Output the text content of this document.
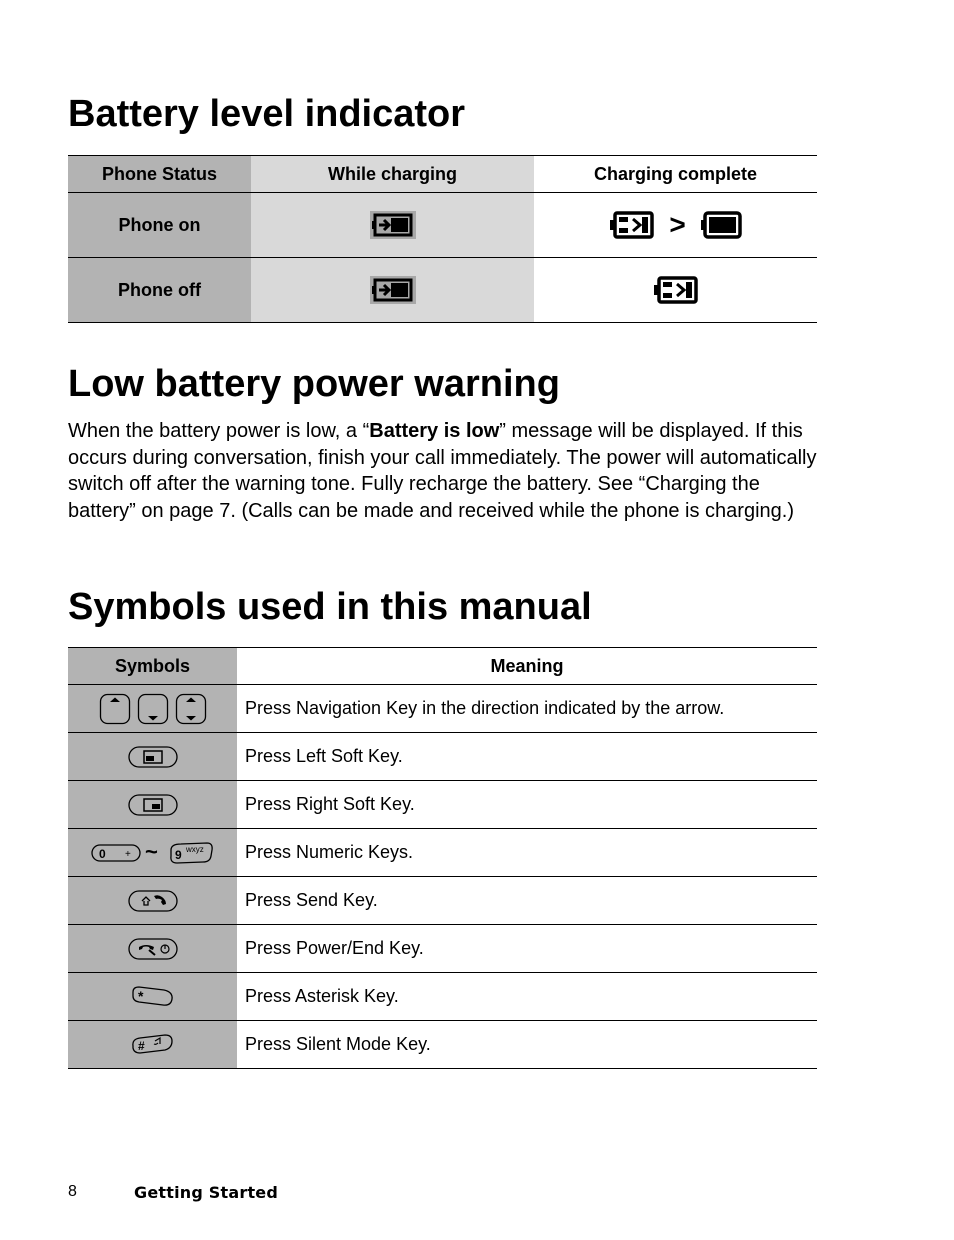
Battery level indicator
Phone Status	While charging	Charging complete
Phone on		>
Phone off		
Low battery power warning

When the battery power is low, a “Battery is low” message will be displayed. If this occurs during conversation, finish your call immediately. The power will automatically switch off after the warning tone. Fully recharge the battery. See “Charging the battery” on page 7. (Calls can be made and received while the phone is charging.)

Symbols used in this manual
Symbols	Meaning
	Press Navigation Key in the direction indicated by the arrow.
	Press Left Soft Key.
	Press Right Soft Key.

0 + ~ 9 wxyz	Press Numeric Keys.
	Press Send Key.
	Press Power/End Key.

*	Press Asterisk Key.

#	Press Silent Mode Key.
8	Getting Started
